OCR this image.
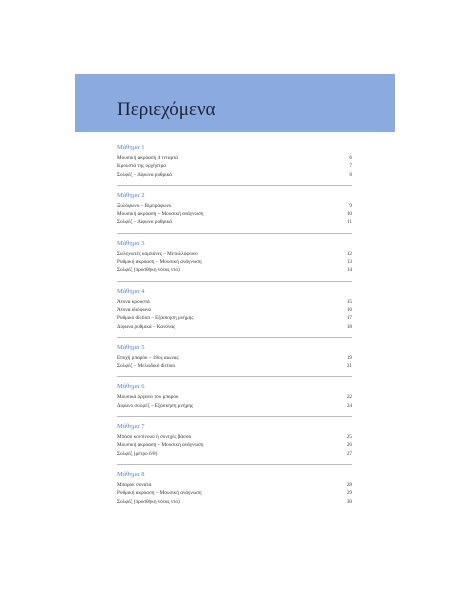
Περιεχόμενα
Μάθημα 1
Μουσική ακρόαση 4 τεταρτα	6
Κρουστά της ορχήστρα	7
Σολφέζ – Δίφωνα ρυθμικά	8
Μάθημα 2
Ξυλόφωνο – Βιμπράφωνο	9
Μουσική ακρόαση – Μουσική ανάγνωση	10
Σολφέζ – Δίφωνα ρυθμικά	11
Μάθημα 3
Σωληνωτές καμπάνες – Μεταλλόφωνο	12
Ρυθμική ακρόαση – Μουσική ανάγνωση	13
Σολφέζ (προσθήκη νότας ντο)	14
Μάθημα 4
Άτονα κρουστά	15
Άτονα ιδιόφωνα	16
Ρυθμικό diction – Εξάσκηση μνήμης	17
Δίφωνα ρυθμικά – Κανόνας	18
Μάθημα 5
Εποχή μπαρόκ – 18ος αιώνας	19
Σολφέζ – Μελωδικό diction	21
Μάθημα 6
Μουσικά όργανα του μπαρόκ	22
Δίφωνο σολφέζ – Εξάσκηση μνήμης	24
Μάθημα 7
Μπάσο κοντίνουο ή συνεχές βάσσο	25
Μουσική ακρόαση – Μουσική ανάγνωση	26
Σολφέζ (μέτρο 6/8)	27
Μάθημα 8
Μπαρόκ σονάτα	28
Ρυθμική ακρόαση – Μουσική ανάγνωση	29
Σολφέζ (προσθήκη νότας ντο)	30
